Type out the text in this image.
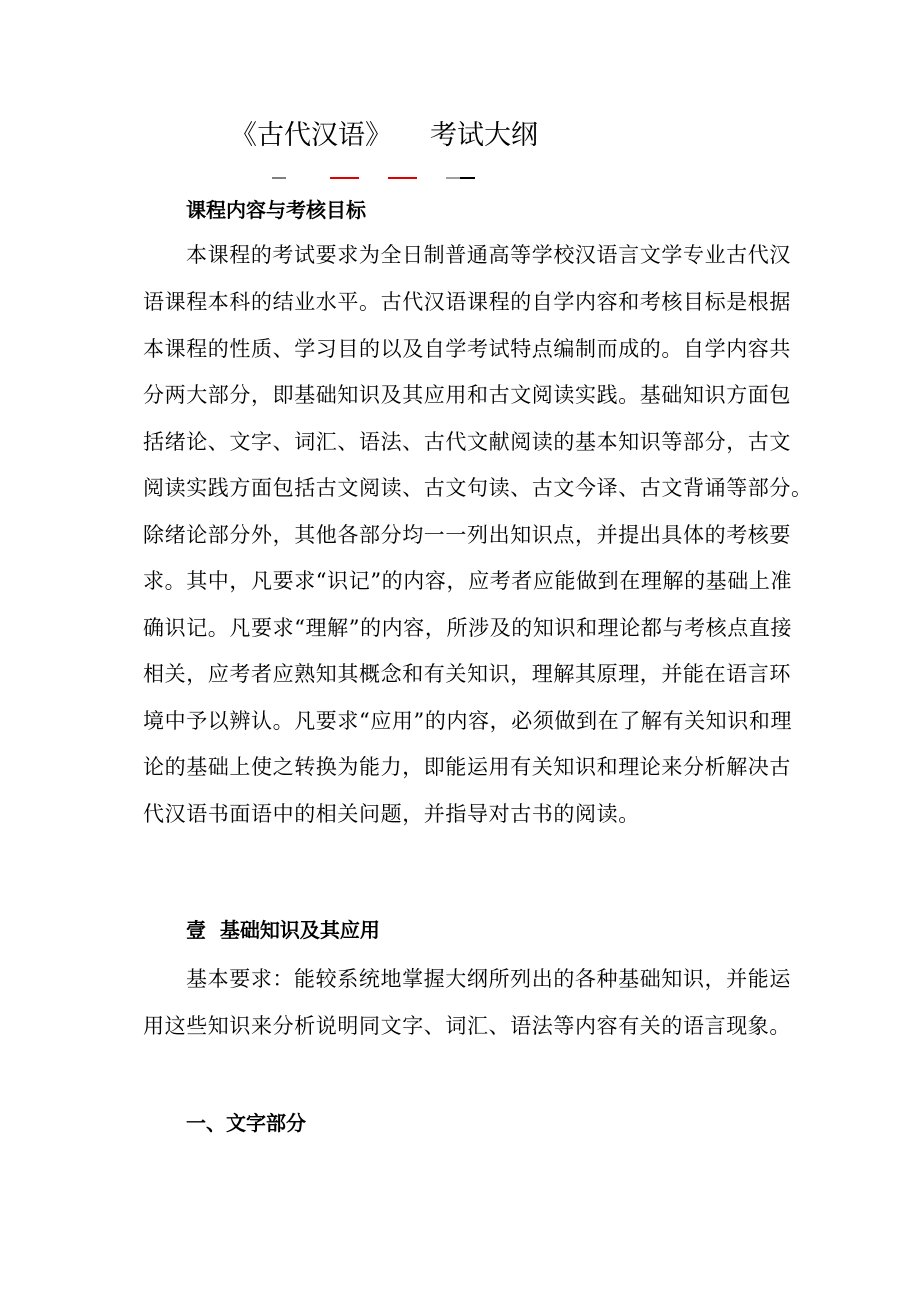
《古代汉语》 考试大纲
课程内容与考核目标
本课程的考试要求为全日制普通高等学校汉语言文学专业古代汉
语课程本科的结业水平。古代汉语课程的自学内容和考核目标是根据
本课程的性质、学习目的以及自学考试特点编制而成的。自学内容共
分两大部分，即基础知识及其应用和古文阅读实践。基础知识方面包
括绪论、文字、词汇、语法、古代文献阅读的基本知识等部分，古文
阅读实践方面包括古文阅读、古文句读、古文今译、古文背诵等部分。
除绪论部分外，其他各部分均一一列出知识点，并提出具体的考核要
求。其中，凡要求“识记”的内容，应考者应能做到在理解的基础上准
确识记。凡要求“理解”的内容，所涉及的知识和理论都与考核点直接
相关，应考者应熟知其概念和有关知识，理解其原理，并能在语言环
境中予以辨认。凡要求“应用”的内容，必须做到在了解有关知识和理
论的基础上使之转换为能力，即能运用有关知识和理论来分析解决古
代汉语书面语中的相关问题，并指导对古书的阅读。
壹  基础知识及其应用
基本要求：能较系统地掌握大纲所列出的各种基础知识，并能运
用这些知识来分析说明同文字、词汇、语法等内容有关的语言现象。
一、文字部分
